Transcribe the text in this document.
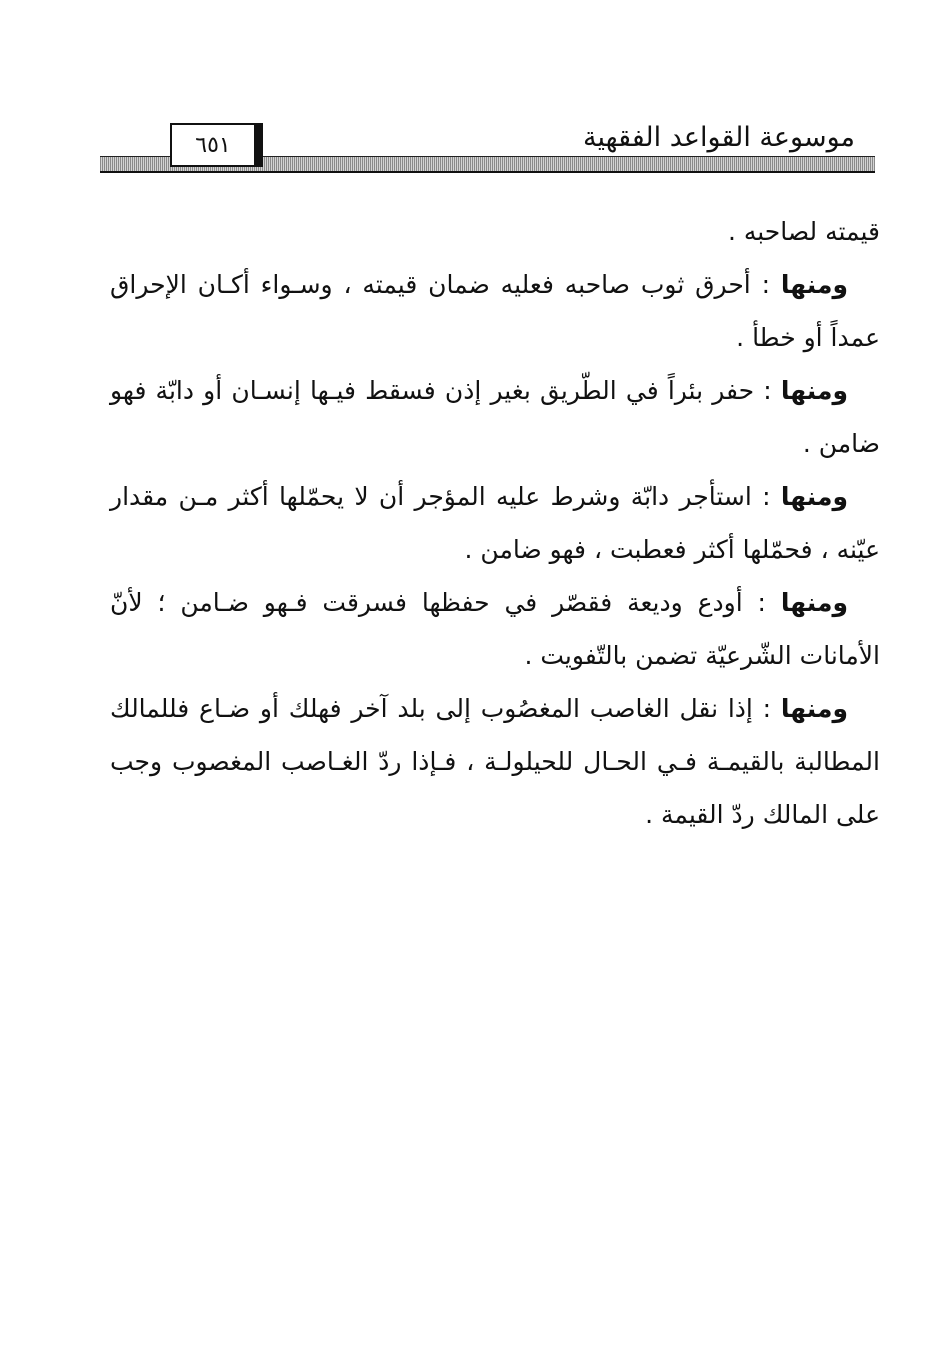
موسوعة القواعد الفقهية
٦٥١

قيمته لصاحبه .

ومنها : أحرق ثوب صاحبه فعليه ضمان قيمته ، وسـواء أكـان الإحراق عمداً أو خطأ .

ومنها : حفر بئراً في الطّريق بغير إذن فسقط فيـها إنسـان أو دابّة فهو ضامن .

ومنها : استأجر دابّة وشرط عليه المؤجر أن لا يحمّلها أكثر مـن مقدار عيّنه ، فحمّلها أكثر فعطبت ، فهو ضامن .

ومنها : أودع وديعة فقصّر في حفظها فسرقت فـهو ضـامن ؛ لأنّ الأمانات الشّرعيّة تضمن بالتّفويت .

ومنها : إذا نقل الغاصب المغصُوب إلى بلد آخر فهلك أو ضـاع فللمالك المطالبة بالقيمـة فـي الحـال للحيلولـة ، فـإذا ردّ الغـاصب المغصوب وجب على المالك ردّ القيمة .
